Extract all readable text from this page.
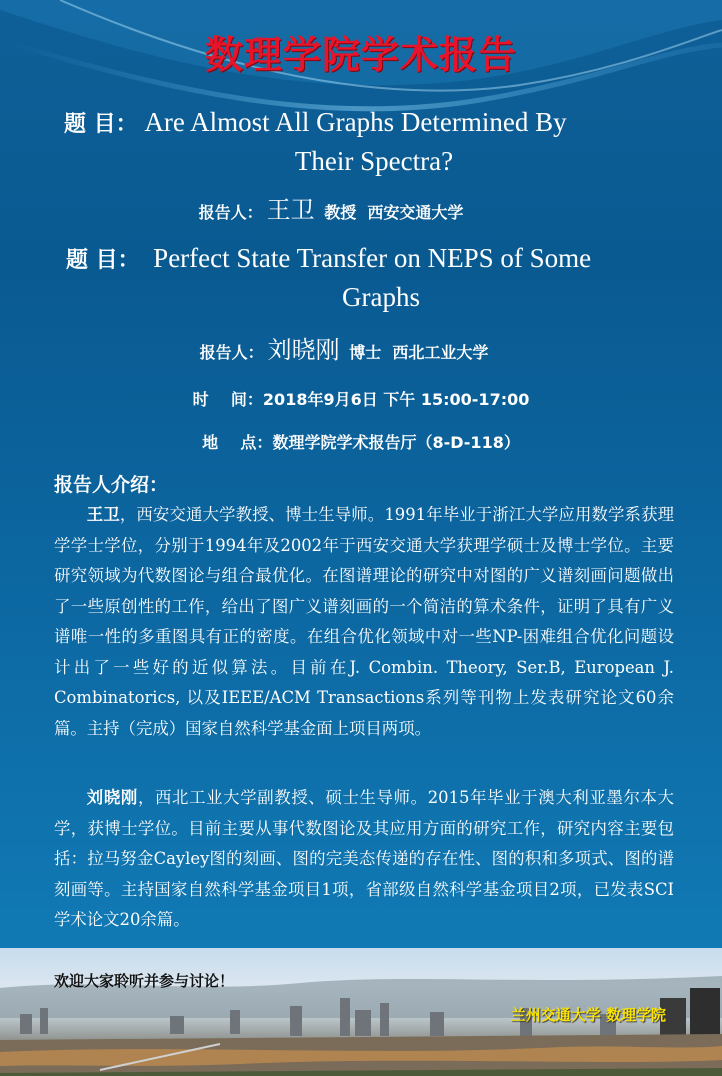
数理学院学术报告
题 目： Are Almost All Graphs Determined By
Their Spectra?
报告人： 王卫 教授 西安交通大学
题 目： Perfect State Transfer on NEPS of Some
Graphs
报告人： 刘晓刚 博士 西北工业大学
时    间：2018年9月6日 下午 15:00-17:00
地    点：数理学院学术报告厅（8-D-118）
报告人介绍：
王卫，西安交通大学教授、博士生导师。1991年毕业于浙江大学应用数学系获理学学士学位，分别于1994年及2002年于西安交通大学获理学硕士及博士学位。主要研究领域为代数图论与组合最优化。在图谱理论的研究中对图的广义谱刻画问题做出了一些原创性的工作，给出了图广义谱刻画的一个简洁的算术条件，证明了具有广义谱唯一性的多重图具有正的密度。在组合优化领域中对一些NP-困难组合优化问题设计出了一些好的近似算法。目前在J. Combin. Theory, Ser.B, European J. Combinatorics, 以及IEEE/ACM Transactions系列等刊物上发表研究论文60余篇。主持（完成）国家自然科学基金面上项目两项。
刘晓刚，西北工业大学副教授、硕士生导师。2015年毕业于澳大利亚墨尔本大学，获博士学位。目前主要从事代数图论及其应用方面的研究工作，研究内容主要包括：拉马努金Cayley图的刻画、图的完美态传递的存在性、图的积和多项式、图的谱刻画等。主持国家自然科学基金项目1项，省部级自然科学基金项目2项，已发表SCI学术论文20余篇。
欢迎大家聆听并参与讨论！
兰州交通大学 数理学院
